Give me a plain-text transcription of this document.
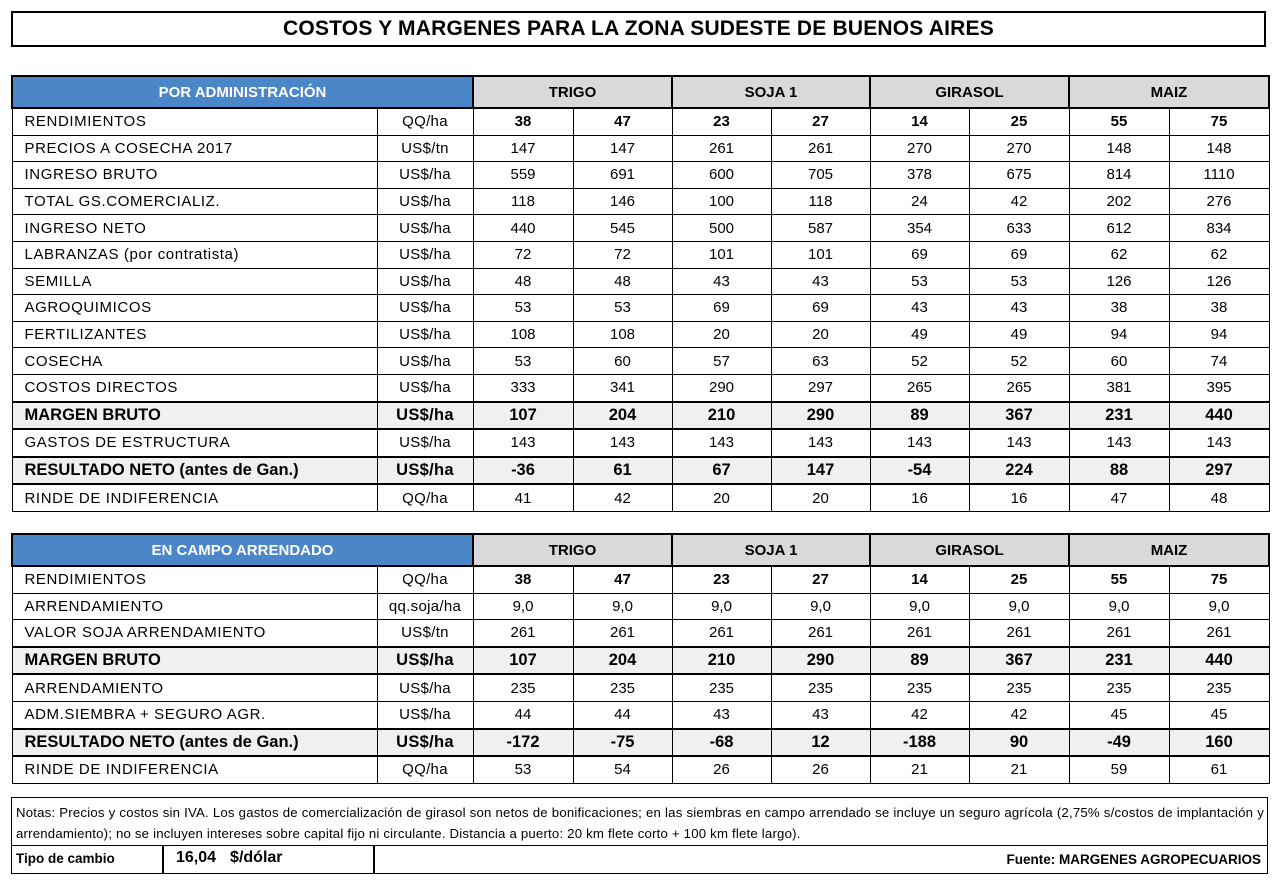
COSTOS Y MARGENES PARA LA ZONA SUDESTE DE BUENOS AIRES
POR ADMINISTRACIÓN		TRIGO		SOJA 1		GIRASOL		MAIZ	
RENDIMIENTOS	QQ/ha	38	47	23	27	14	25	55	75
PRECIOS A COSECHA 2017	US$/tn	147	147	261	261	270	270	148	148
INGRESO BRUTO	US$/ha	559	691	600	705	378	675	814	1110
TOTAL GS.COMERCIALIZ.	US$/ha	118	146	100	118	24	42	202	276
INGRESO NETO	US$/ha	440	545	500	587	354	633	612	834
LABRANZAS (por contratista)	US$/ha	72	72	101	101	69	69	62	62
SEMILLA	US$/ha	48	48	43	43	53	53	126	126
AGROQUIMICOS	US$/ha	53	53	69	69	43	43	38	38
FERTILIZANTES	US$/ha	108	108	20	20	49	49	94	94
COSECHA	US$/ha	53	60	57	63	52	52	60	74
COSTOS DIRECTOS	US$/ha	333	341	290	297	265	265	381	395
MARGEN BRUTO	US$/ha	107	204	210	290	89	367	231	440
GASTOS DE ESTRUCTURA	US$/ha	143	143	143	143	143	143	143	143
RESULTADO NETO (antes de Gan.)	US$/ha	-36	61	67	147	-54	224	88	297
RINDE DE INDIFERENCIA	QQ/ha	41	42	20	20	16	16	47	48
EN CAMPO ARRENDADO		TRIGO		SOJA 1		GIRASOL		MAIZ	
RENDIMIENTOS	QQ/ha	38	47	23	27	14	25	55	75
ARRENDAMIENTO	qq.soja/ha	9,0	9,0	9,0	9,0	9,0	9,0	9,0	9,0
VALOR SOJA ARRENDAMIENTO	US$/tn	261	261	261	261	261	261	261	261
MARGEN BRUTO	US$/ha	107	204	210	290	89	367	231	440
ARRENDAMIENTO	US$/ha	235	235	235	235	235	235	235	235
ADM.SIEMBRA + SEGURO AGR.	US$/ha	44	44	43	43	42	42	45	45
RESULTADO NETO (antes de Gan.)	US$/ha	-172	-75	-68	12	-188	90	-49	160
RINDE DE INDIFERENCIA	QQ/ha	53	54	26	26	21	21	59	61
Notas: Precios y costos sin IVA. Los gastos de comercialización de girasol son netos de bonificaciones; en las siembras en campo arrendado se incluye un seguro agrícola (2,75% s/costos de implantación y arrendamiento); no se incluyen intereses sobre capital fijo ni circulante. Distancia a puerto: 20 km flete corto + 100 km flete largo).
Tipo de cambio	16,04 $/dólar	Fuente: MARGENES AGROPECUARIOS
